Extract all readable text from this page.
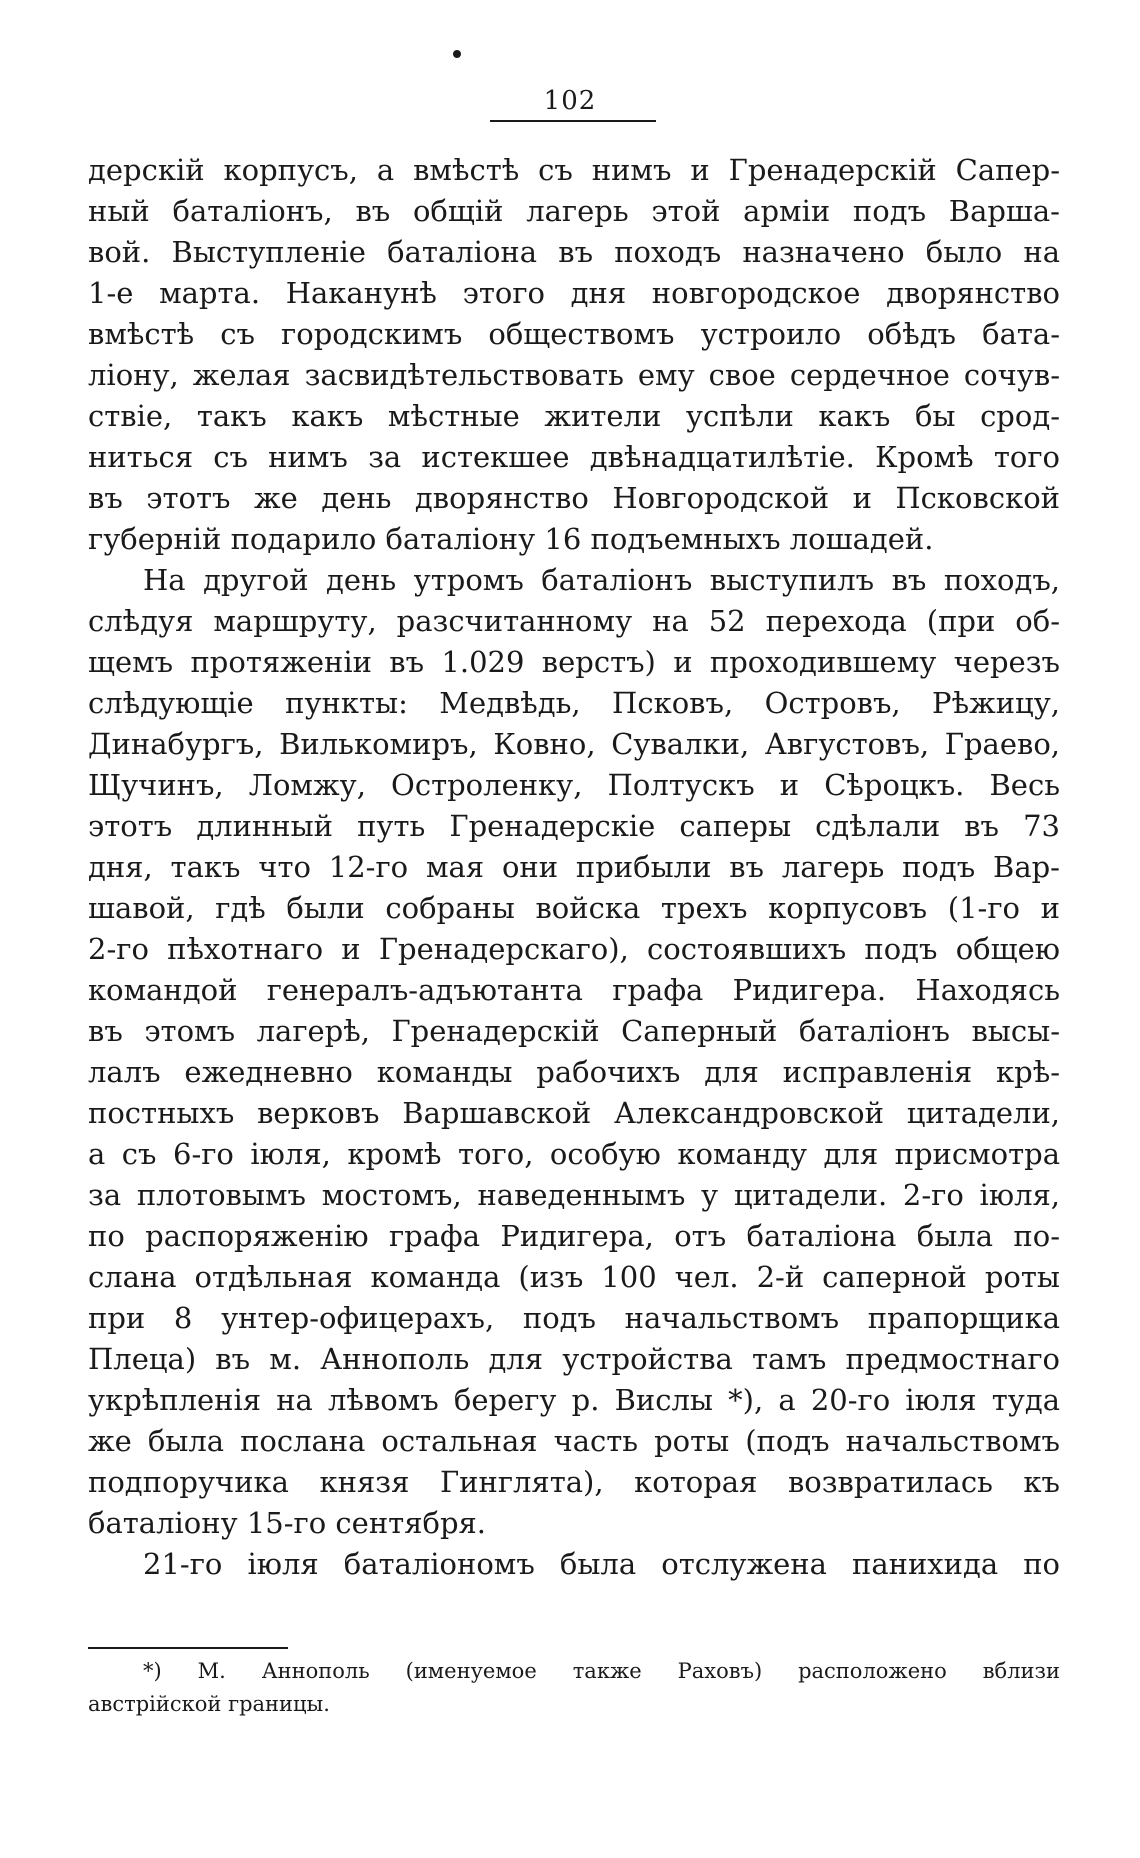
102
дерскій корпусъ, а вмѣстѣ съ нимъ и Гренадерскій Сапер-
ный баталіонъ, въ общій лагерь этой арміи подъ Варша-
вой. Выступленіе баталіона въ походъ назначено было на
1-е марта. Наканунѣ этого дня новгородское дворянство
вмѣстѣ съ городскимъ обществомъ устроило обѣдъ бата-
ліону, желая засвидѣтельствовать ему свое сердечное сочув-
ствіе, такъ какъ мѣстные жители успѣли какъ бы срод-
ниться съ нимъ за истекшее двѣнадцатилѣтіе. Кромѣ того
въ этотъ же день дворянство Новгородской и Псковской
губерній подарило баталіону 16 подъемныхъ лошадей.
На другой день утромъ баталіонъ выступилъ въ походъ,
слѣдуя маршруту, разсчитанному на 52 перехода (при об-
щемъ протяженіи въ 1.029 верстъ) и проходившему черезъ
слѣдующіе пункты: Медвѣдь, Псковъ, Островъ, Рѣжицу,
Динабургъ, Вилькомиръ, Ковно, Сувалки, Августовъ, Граево,
Щучинъ, Ломжу, Остроленку, Полтускъ и Сѣроцкъ. Весь
этотъ длинный путь Гренадерскіе саперы сдѣлали въ 73
дня, такъ что 12-го мая они прибыли въ лагерь подъ Вар-
шавой, гдѣ были собраны войска трехъ корпусовъ (1-го и
2-го пѣхотнаго и Гренадерскаго), состоявшихъ подъ общею
командой генералъ-адъютанта графа Ридигера. Находясь
въ этомъ лагерѣ, Гренадерскій Саперный баталіонъ высы-
лалъ ежедневно команды рабочихъ для исправленія крѣ-
постныхъ верковъ Варшавской Александровской цитадели,
а съ 6-го іюля, кромѣ того, особую команду для присмотра
за плотовымъ мостомъ, наведеннымъ у цитадели. 2-го іюля,
по распоряженію графа Ридигера, отъ баталіона была по-
слана отдѣльная команда (изъ 100 чел. 2-й саперной роты
при 8 унтер-офицерахъ, подъ начальствомъ прапорщика
Плеца) въ м. Аннополь для устройства тамъ предмостнаго
укрѣпленія на лѣвомъ берегу р. Вислы *), а 20-го іюля туда
же была послана остальная часть роты (подъ начальствомъ
подпоручика князя Гинглята), которая возвратилась къ
баталіону 15-го сентября.
21-го іюля баталіономъ была отслужена панихида по
*) М. Аннополь (именуемое также Раховъ) расположено вблизи
австрійской границы.
